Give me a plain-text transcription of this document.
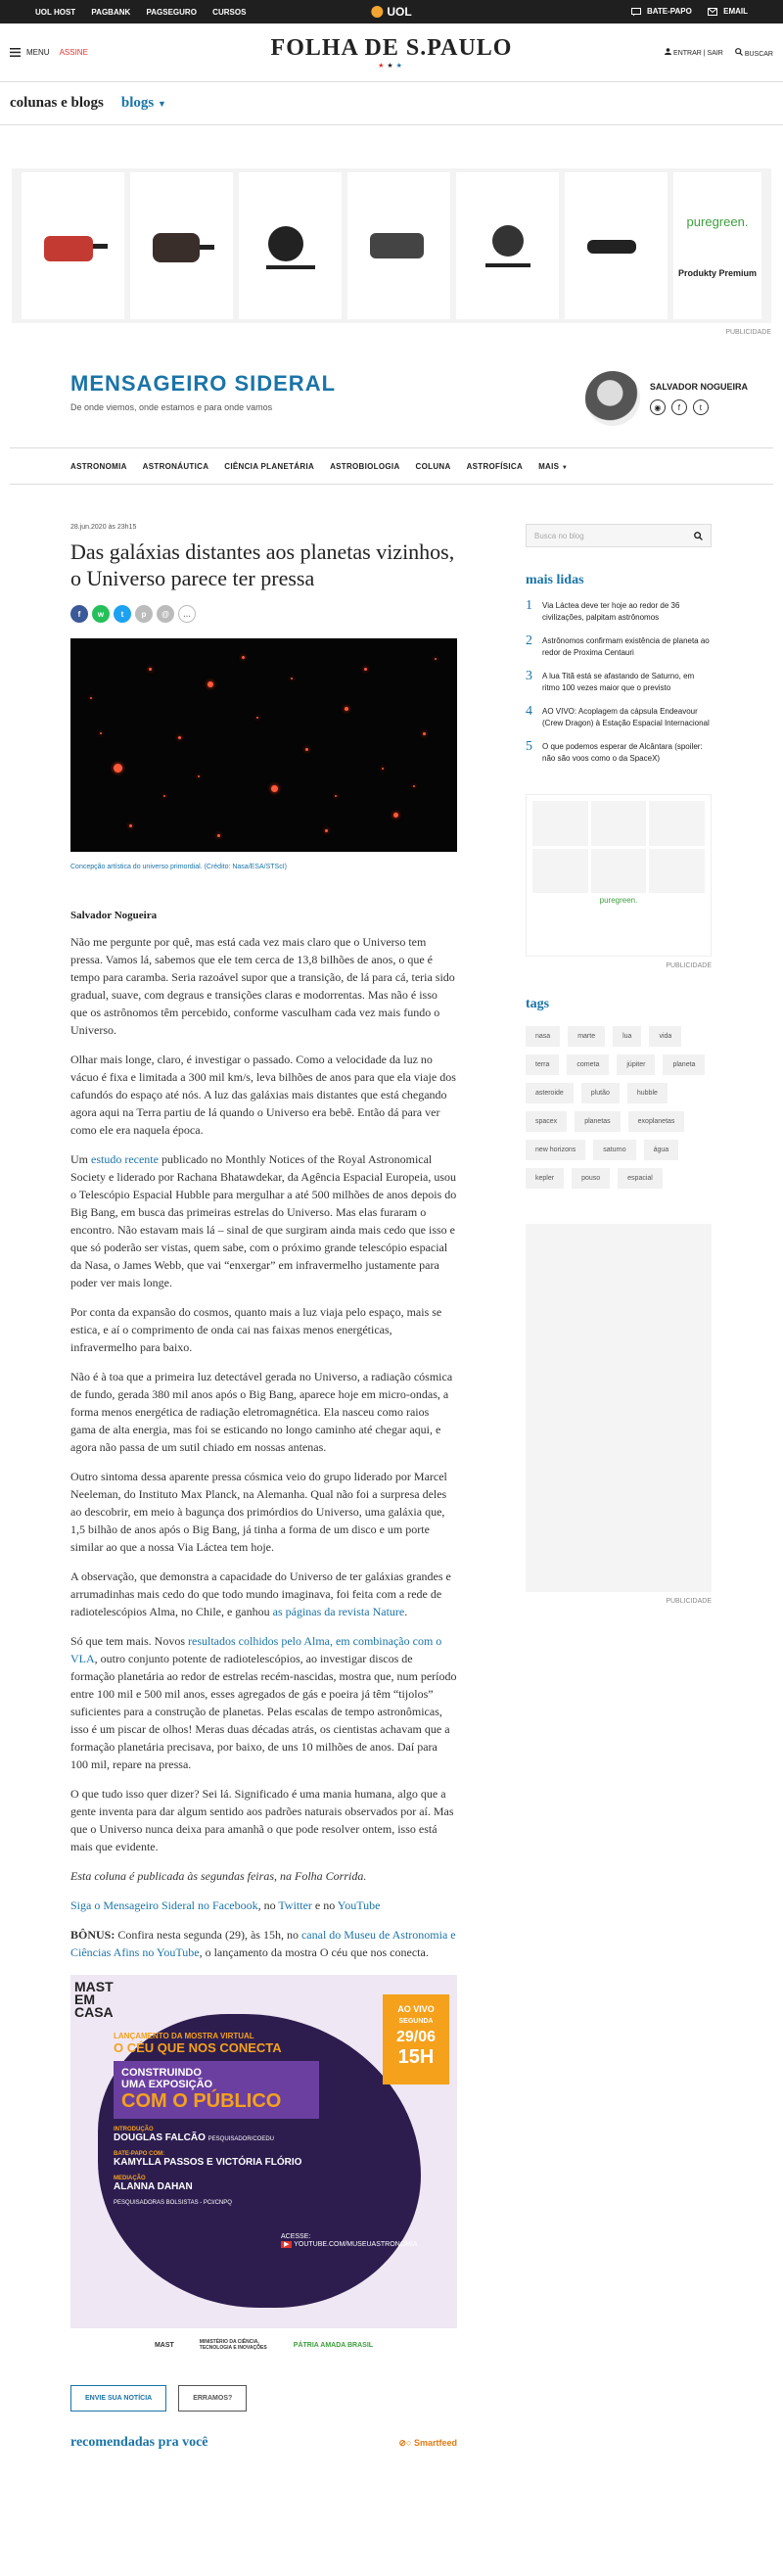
UOL HOST PAGBANK PAGSEGURO CURSOS	UOL	BATE-PAPO	EMAIL
MENU ASSINE	FOLHA DE S.PAULO
★★★
ENTRAR | SAIR	BUSCAR
colunas e blogs blogs ▼
puregreen.
Produkty Premium
PUBLICIDADE
MENSAGEIRO SIDERAL
De onde viemos, onde estamos e para onde vamos
SALVADOR NOGUEIRA
◉	f	t
ASTRONOMIA ASTRONÁUTICA CIÊNCIA PLANETÁRIA ASTROBIOLOGIA COLUNA ASTROFÍSICA MAIS ▼
28.jun.2020 às 23h15
Das galáxias distantes aos planetas vizinhos, o Universo parece ter pressa
f	w	t	p	@	…
Concepção artística do universo primordial. (Crédito: Nasa/ESA/STScI)
Salvador Nogueira

Não me pergunte por quê, mas está cada vez mais claro que o Universo tem pressa. Vamos lá, sabemos que ele tem cerca de 13,8 bilhões de anos, o que é tempo para caramba. Seria razoável supor que a transição, de lá para cá, teria sido gradual, suave, com degraus e transições claras e modorrentas. Mas não é isso que os astrônomos têm percebido, conforme vasculham cada vez mais fundo o Universo.

Olhar mais longe, claro, é investigar o passado. Como a velocidade da luz no vácuo é fixa e limitada a 300 mil km/s, leva bilhões de anos para que ela viaje dos cafundós do espaço até nós. A luz das galáxias mais distantes que está chegando agora aqui na Terra partiu de lá quando o Universo era bebê. Então dá para ver como ele era naquela época.

Um estudo recente publicado no Monthly Notices of the Royal Astronomical Society e liderado por Rachana Bhatawdekar, da Agência Espacial Europeia, usou o Telescópio Espacial Hubble para mergulhar a até 500 milhões de anos depois do Big Bang, em busca das primeiras estrelas do Universo. Mas elas furaram o encontro. Não estavam mais lá – sinal de que surgiram ainda mais cedo que isso e que só poderão ser vistas, quem sabe, com o próximo grande telescópio espacial da Nasa, o James Webb, que vai “enxergar” em infravermelho justamente para poder ver mais longe.

Por conta da expansão do cosmos, quanto mais a luz viaja pelo espaço, mais se estica, e aí o comprimento de onda cai nas faixas menos energéticas, infravermelho para baixo.

Não é à toa que a primeira luz detectável gerada no Universo, a radiação cósmica de fundo, gerada 380 mil anos após o Big Bang, aparece hoje em micro-ondas, a forma menos energética de radiação eletromagnética. Ela nasceu como raios gama de alta energia, mas foi se esticando no longo caminho até chegar aqui, e agora não passa de um sutil chiado em nossas antenas.

Outro sintoma dessa aparente pressa cósmica veio do grupo liderado por Marcel Neeleman, do Instituto Max Planck, na Alemanha. Qual não foi a surpresa deles ao descobrir, em meio à bagunça dos primórdios do Universo, uma galáxia que, 1,5 bilhão de anos após o Big Bang, já tinha a forma de um disco e um porte similar ao que a nossa Via Láctea tem hoje.

A observação, que demonstra a capacidade do Universo de ter galáxias grandes e arrumadinhas mais cedo do que todo mundo imaginava, foi feita com a rede de radiotelescópios Alma, no Chile, e ganhou as páginas da revista Nature.

Só que tem mais. Novos resultados colhidos pelo Alma, em combinação com o VLA, outro conjunto potente de radiotelescópios, ao investigar discos de formação planetária ao redor de estrelas recém-nascidas, mostra que, num período entre 100 mil e 500 mil anos, esses agregados de gás e poeira já têm “tijolos” suficientes para a construção de planetas. Pelas escalas de tempo astronômicas, isso é um piscar de olhos! Meras duas décadas atrás, os cientistas achavam que a formação planetária precisava, por baixo, de uns 10 milhões de anos. Daí para 100 mil, repare na pressa.

O que tudo isso quer dizer? Sei lá. Significado é uma mania humana, algo que a gente inventa para dar algum sentido aos padrões naturais observados por aí. Mas que o Universo nunca deixa para amanhã o que pode resolver ontem, isso está mais que evidente.

Esta coluna é publicada às segundas feiras, na Folha Corrida.

Siga o Mensageiro Sideral no Facebook, no Twitter e no YouTube

BÔNUS: Confira nesta segunda (29), às 15h, no canal do Museu de Astronomia e Ciências Afins no YouTube, o lançamento da mostra O céu que nos conecta.

MAST EM CASA	AO VIVO
SEGUNDA
29/06
15H
LANÇAMENTO DA MOSTRA VIRTUAL
O CÉU QUE NOS CONECTA
CONSTRUINDO
UMA EXPOSIÇÃO
COM O PÚBLICO
INTRODUÇÃO
DOUGLAS FALCÃO PESQUISADOR/COEDU
BATE-PAPO COM:
KAMYLLA PASSOS E VICTÓRIA FLÓRIO
MEDIAÇÃO
ALANNA DAHAN
PESQUISADORAS BOLSISTAS - PCI/CNPQ
ACESSE:
▶ YOUTUBE.COM/MUSEUASTRONOMIA
MAST	MINISTÉRIO DA CIÊNCIA, TECNOLOGIA E INOVAÇÕES	PÁTRIA AMADA BRASIL
ENVIE SUA NOTÍCIA	ERRAMOS?
recomendadas pra você	⊘○ Smartfeed
Busca no blog
mais lidas
1 Via Láctea deve ter hoje ao redor de 36 civilizações, palpitam astrônomos
2 Astrônomos confirmam existência de planeta ao redor de Proxima Centauri
3 A lua Titã está se afastando de Saturno, em ritmo 100 vezes maior que o previsto
4 AO VIVO: Acoplagem da cápsula Endeavour (Crew Dragon) à Estação Espacial Internacional
5 O que podemos esperar de Alcântara (spoiler: não são voos como o da SpaceX)
puregreen.
PUBLICIDADE
tags
nasa	marte	lua	vida
terra	cometa	júpiter	planeta
asteroide	plutão	hubble
spacex	planetas	exoplanetas
new horizons	saturno	água
kepler	pouso	espacial
PUBLICIDADE
